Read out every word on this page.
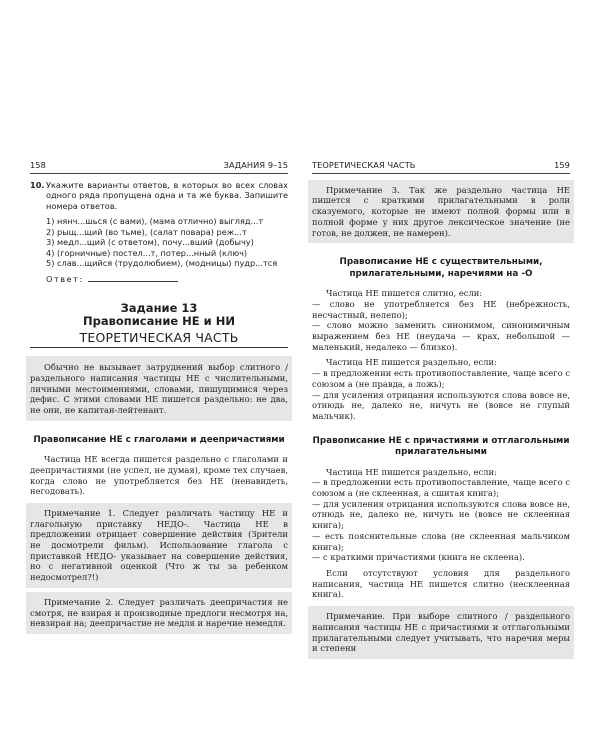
158	ЗАДАНИЯ 9–15
10. Укажите варианты ответов, в которых во всех словах одного ряда пропущена одна и та же буква. Запишите номера ответов.

1) нянч...шься (с вами), (мама отлично) выгляд...т
2) рыщ...щий (во тьме), (салат повара) реж...т
3) медл...щий (с ответом), почу...вший (добычу)
4) (горничные) постел...т, потер...нный (ключ)
5) слав...щийся (трудолюбием), (модницы) пудр...тся
Ответ:
Задание 13
Правописание НЕ и НИ
ТЕОРЕТИЧЕСКАЯ ЧАСТЬ

Обычно не вызывает затруднений выбор слитного / раздельного написания частицы НЕ с числительными, личными местоимениями, словами, пишущимися через дефис. С этими словами НЕ пишется раздельно: не два, не они, не капитан-лейтенант.

Правописание НЕ с глаголами и деепричастиями

Частица НЕ всегда пишется раздельно с глаголами и деепричастиями (не успел, не думая), кроме тех случаев, когда слово не употребляется без НЕ (ненавидеть, негодовать).

Примечание 1. Следует различать частицу НЕ и глагольную приставку НЕДО-. Частица НЕ в предложении отрицает совершение действия (Зрители не досмотрели фильм). Использование глагола с приставкой НЕДО- указывает на совершение действия, но с негативной оценкой (Что ж ты за ребенком недосмотрел?!)

Примечание 2. Следует различать деепричастия не смотря, не взирая и производные предлоги несмотря на, невзирая на; деепричастие не медля и наречие немедля.

ТЕОРЕТИЧЕСКАЯ ЧАСТЬ	159

Примечание 3. Так же раздельно частица НЕ пишется с краткими прилагательными в роли сказуемого, которые не имеют полной формы или в полной форме у них другое лексическое значение (не готов, не должен, не намерен).

Правописание НЕ с существительными, прилагательными, наречиями на -О

Частица НЕ пишется слитно, если:

— слово не употребляется без НЕ (небрежность, несчастный, нелепо);

— слово можно заменить синонимом, синонимичным выражением без НЕ (неудача — крах, небольшой — маленький, недалеко — близко).

Частица НЕ пишется раздельно, если:

— в предложении есть противопоставление, чаще всего с союзом а (не правда, а ложь);

— для усиления отрицания используются слова вовсе не, отнюдь не, далеко не, ничуть не (вовсе не глупый мальчик).

Правописание НЕ с причастиями и отглагольными прилагательными

Частица НЕ пишется раздельно, если:

— в предложении есть противопоставление, чаще всего с союзом а (не склеенная, а сшитая книга);

— для усиления отрицания используются слова вовсе не, отнюдь не, далеко не, ничуть не (вовсе не склеенная книга);

— есть пояснительные слова (не склеенная мальчиком книга);

— с краткими причастиями (книга не склеена).

Если отсутствуют условия для раздельного написания, частица НЕ пишется слитно (несклеенная книга).

Примечание. При выборе слитного / раздельного написания частицы НЕ с причастиями и отглагольными прилагательными следует учитывать, что наречия меры и степени
